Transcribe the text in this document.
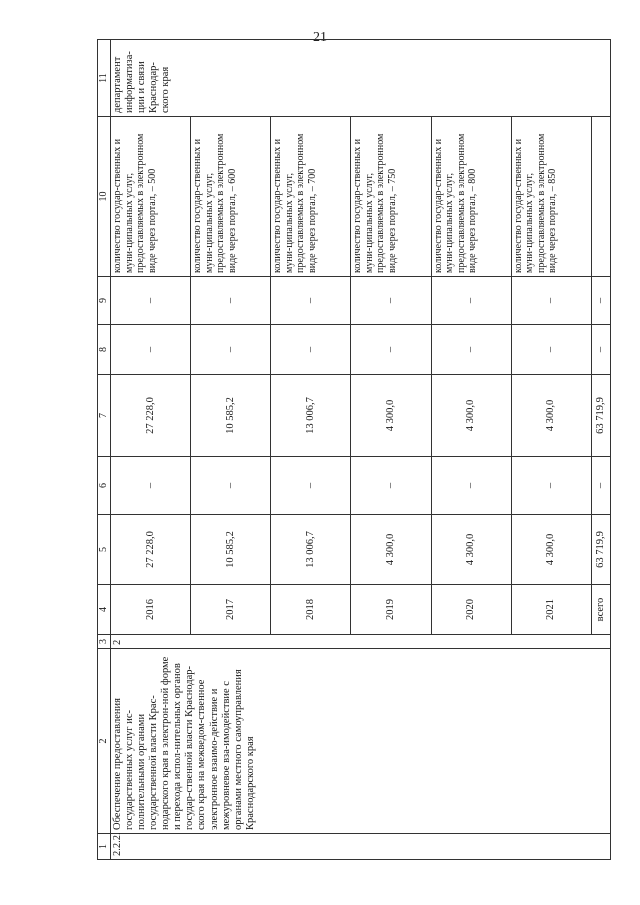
21
1	2	3	4	5	6	7	8	9	10	11
2.2.2.	Обеспечение предоставления государственных услуг ис-полнительными органами государственной власти Крас-нодарского края в электрон-ной форме и перехода испол-нительных органов государ-ственной власти Краснодар-ского края на межведом-ственное электронное взаимо-действие и межуровневое вза-имодействие с органами местного самоуправления Краснодарского края	2	2016	27 228,0	–	27 228,0	–	–	количество государ-ственных и муни-ципальных услуг, предоставляемых в электронном виде через портал, – 500	департамент информатиза-ции и связи Краснодар-ского края
			2017	10 585,2	–	10 585,2	–	–	количество государ-ственных и муни-ципальных услуг, предоставляемых в электронном виде через портал, – 600	
			2018	13 006,7	–	13 006,7	–	–	количество государ-ственных и муни-ципальных услуг, предоставляемых в электронном виде через портал, – 700	
			2019	4 300,0	–	4 300,0	–	–	количество государ-ственных и муни-ципальных услуг, предоставляемых в электронном виде через портал, – 750	
			2020	4 300,0	–	4 300,0	–	–	количество государ-ственных и муни-ципальных услуг, предоставляемых в электронном виде через портал, – 800	
			2021	4 300,0	–	4 300,0	–	–	количество государ-ственных и муни-ципальных услуг, предоставляемых в электронном виде через портал, – 850	
			всего	63 719,9	–	63 719,9	–	–		
